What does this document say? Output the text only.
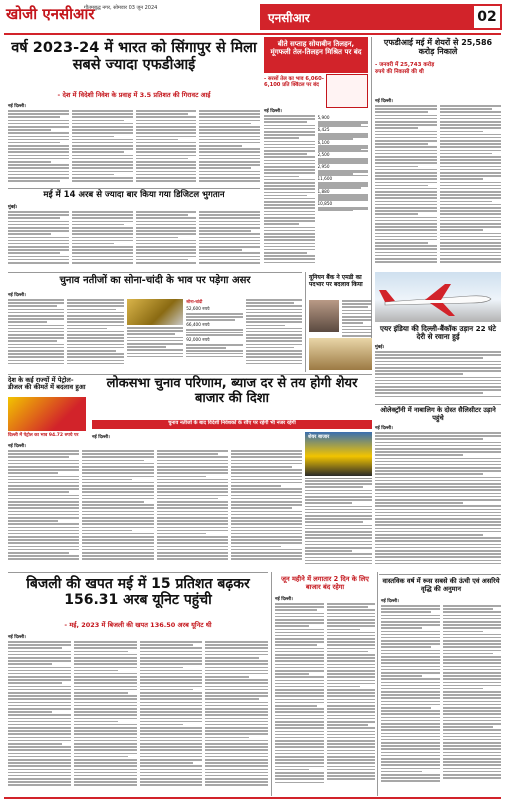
खोजी एनसीआर
गौतमबुद्ध नगर, सोमवार 03 जून 2024
एनसीआर	02
वर्ष 2023-24 में भारत को सिंगापुर से मिला सबसे ज्यादा एफडीआई
- देश में विदेशी निवेश के प्रवाह में 3.5 प्रतिशत की गिरावट आई
नई दिल्ली।
मई में 14 अरब से ज्यादा बार किया गया डिजिटल भुगतान
मुंबई।
बीते सप्ताह सोयाबीन तिलहन, मूंगफली तेल-तिलहन मिश्रित पर बंद
- सरसों तेल का भाव 6,060-6,100 प्रति क्विंटल पर बंद
नई दिल्ली।
5,900
6,425
6,100
2,500
2,950
11,600
1,880
10,850
एफडीआई मई में शेयरों से 25,586 करोड़ निकाले
- जनवरी में 25,743 करोड़ रुपये की निकासी की थी
नई दिल्ली।
चुनाव नतीजों का सोना-चांदी के भाव पर पड़ेगा असर
नई दिल्ली।
सोना-चांदी
52,600 रुपये
66,400 रुपये
92,000 रुपये
यूनियन बैंक ने एमडी का पदभार पर बदलाव किया
एयर इंडिया की दिल्ली-बैंकॉक उड़ान 22 घंटे देरी से रवाना हुई
मुंबई।
देश के कई राज्यों में पेट्रोल-डीजल की कीमतें में बदलाव हुआ
दिल्ली में पेट्रोल का भाव 94.72 रुपये पर
नई दिल्ली।
लोकसभा चुनाव परिणाम, ब्याज दर से तय होगी शेयर बाजार की दिशा
चुनाव नतीजों के बाद विदेशी निवेशकों के रवैए पर रहेगी भी नजर रहेगी
नई दिल्ली।	शेयर बाजार
ओलेक्ट्रॉनी में नाबालिग के दोस्त सैलिसीटर उड़ाने पहुंचे
नई दिल्ली।
बिजली की खपत मई में 15 प्रतिशत बढ़कर 156.31 अरब यूनिट पहुंची
- मई, 2023 में बिजली की खपत 136.50 अरब यूनिट थी
नई दिल्ली।
जून महीने में लगातार 2 दिन के लिए बाजार बंद रहेगा
नई दिल्ली।
वास्तविक वर्ष में रूस सबसे की ऊंची एवं असरिये वृद्धि की अनुमान
नई दिल्ली।
